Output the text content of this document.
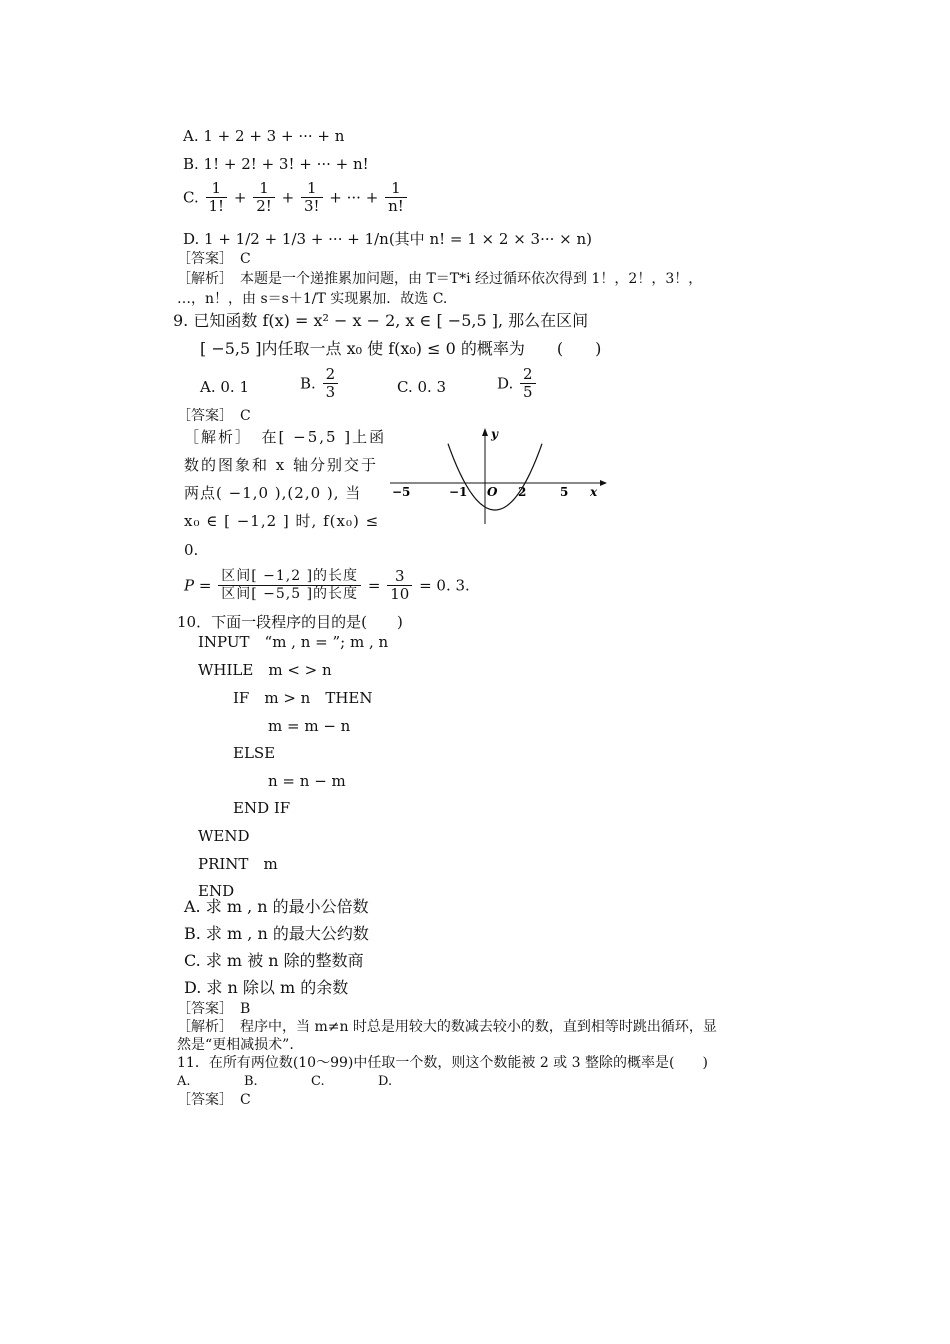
A. 1 + 2 + 3 + ··· + n
B. 1! + 2! + 3! + ··· + n!
C. $\frac{1}{1!} + \frac{1}{2!} + \frac{1}{3!}$ + ··· + $\frac{1}{n!}$
D. 1 + 1/2 + 1/3 + ··· + 1/n(其中 n! = 1 × 2 × 3··· × n)
［答案］　C
［解析］　本题是一个递推累加问题，由 T＝T*i 经过循环依次得到 1！，2！，3！，
…，n！，由 s＝s＋1/T 实现累加．故选 C.
9. 已知函数 f(x) = x² − x − 2, x ∈ [ −5,5 ], 那么在区间
[ −5,5 ]内任取一点 x₀ 使 f(x₀) ≤ 0 的概率为　　(　　)
A. 0. 1	B. $\frac{2}{3}$	C. 0. 3	D. $\frac{2}{5}$
［答案］　C
［解析］　在[ −5,5 ]上函
数的图象和 x 轴分别交于
两点( −1,0 ),(2,0 ), 当
x₀ ∈ [ −1,2 ] 时, f(x₀) ≤
0.
y
x
O
−5	−1	2	5
$P = \frac{\text{区间[ −1,2 ]的长度}}{\text{区间[ −5,5 ]的长度}} = \frac{3}{10} = 0$. 3.
10．下面一段程序的目的是(　　)
INPUT　“m , n = ”; m , n
WHILE　m < > n
IF　m > n　THEN
m = m − n
ELSE
n = n − m
END IF
WEND
PRINT　m
END
A. 求 m , n 的最小公倍数
B. 求 m , n 的最大公约数
C. 求 m 被 n 除的整数商
D. 求 n 除以 m 的余数
［答案］　B
［解析］　程序中，当 m≠n 时总是用较大的数减去较小的数，直到相等时跳出循环，显
然是“更相减损术”.
11．在所有两位数(10～99)中任取一个数，则这个数能被 2 或 3 整除的概率是(　　)
A.	B.	C.	D.
［答案］　C
